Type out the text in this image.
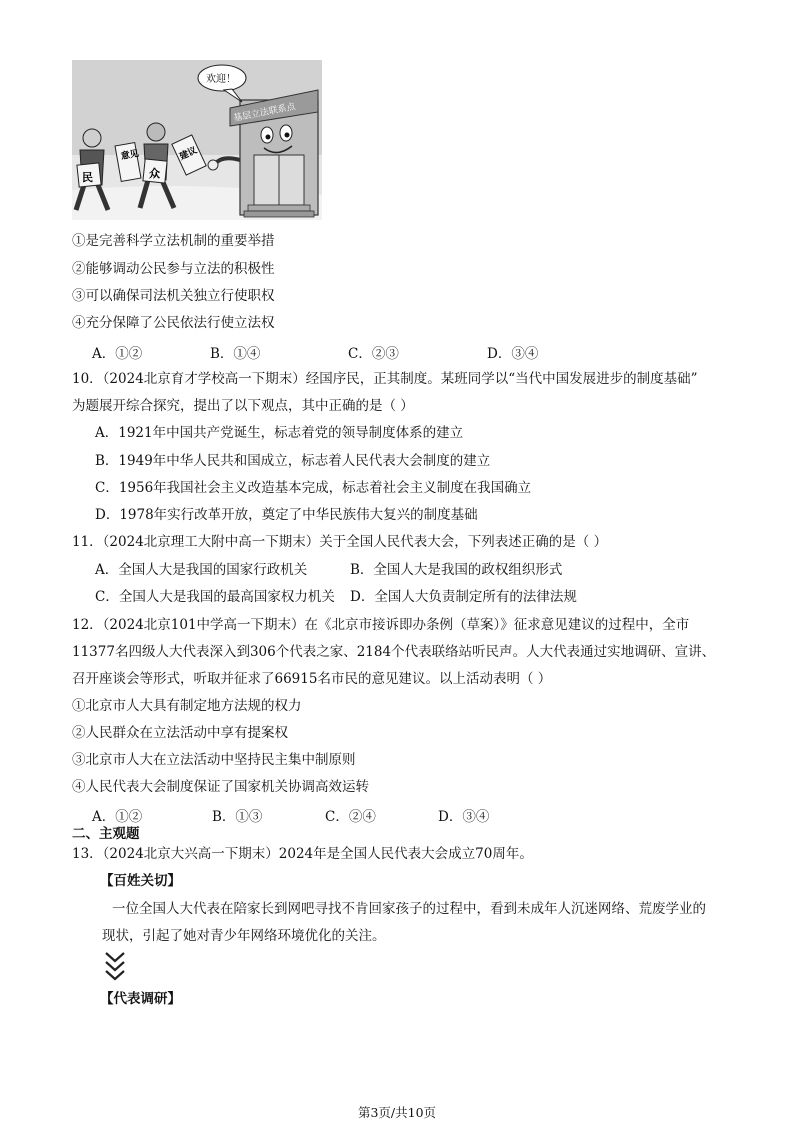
基层立法联系点
欢迎！
民
意见
众
建议
①是完善科学立法机制的重要举措
②能够调动公民参与立法的积极性
③可以确保司法机关独立行使职权
④充分保障了公民依法行使立法权
A．①②	B．①④	C．②③	D．③④
10．（2024北京育才学校高一下期末）经国序民，正其制度。某班同学以“当代中国发展进步的制度基础”
为题展开综合探究，提出了以下观点，其中正确的是（ ）
A．1921年中国共产党诞生，标志着党的领导制度体系的建立
B．1949年中华人民共和国成立，标志着人民代表大会制度的建立
C．1956年我国社会主义改造基本完成，标志着社会主义制度在我国确立
D．1978年实行改革开放，奠定了中华民族伟大复兴的制度基础
11．（2024北京理工大附中高一下期末）关于全国人民代表大会，下列表述正确的是（ ）
A．全国人大是我国的国家行政机关	B．全国人大是我国的政权组织形式
C．全国人大是我国的最高国家权力机关 D．全国人大负责制定所有的法律法规
12．（2024北京101中学高一下期末）在《北京市接诉即办条例（草案）》征求意见建议的过程中，全市
11377名四级人大代表深入到306个代表之家、2184个代表联络站听民声。人大代表通过实地调研、宣讲、
召开座谈会等形式，听取并征求了66915名市民的意见建议。以上活动表明（ ）
①北京市人大具有制定地方法规的权力
②人民群众在立法活动中享有提案权
③北京市人大在立法活动中坚持民主集中制原则
④人民代表大会制度保证了国家机关协调高效运转
A．①②	B．①③	C．②④	D．③④
二、主观题
13．（2024北京大兴高一下期末）2024年是全国人民代表大会成立70周年。
【百姓关切】
一位全国人大代表在陪家长到网吧寻找不肯回家孩子的过程中，看到未成年人沉迷网络、荒废学业的
现状，引起了她对青少年网络环境优化的关注。
【代表调研】
第3页/共10页
